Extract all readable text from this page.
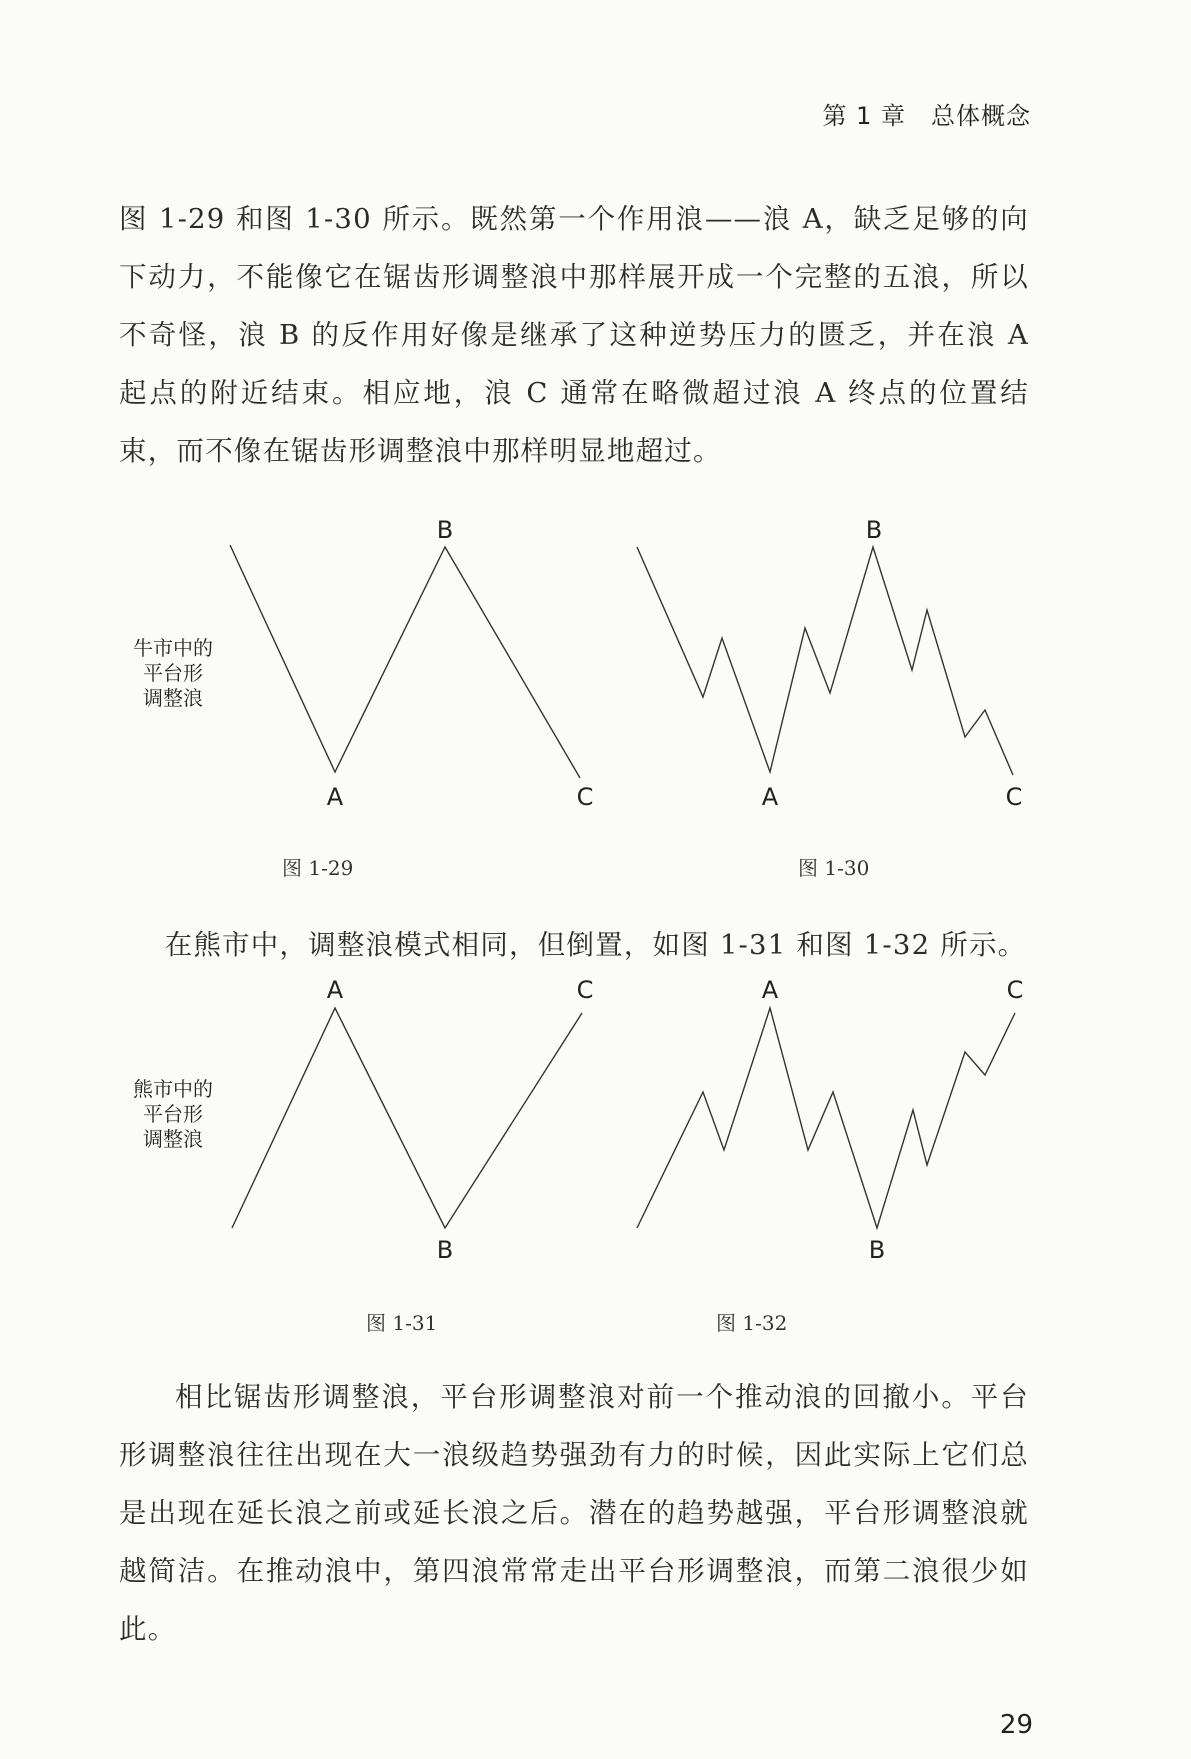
第 1 章　总体概念

图 1-29 和图 1-30 所示。既然第一个作用浪——浪 A，缺乏足够的向下动力，不能像它在锯齿形调整浪中那样展开成一个完整的五浪，所以不奇怪，浪 B 的反作用好像是继承了这种逆势压力的匮乏，并在浪 A 起点的附近结束。相应地，浪 C 通常在略微超过浪 A 终点的位置结束，而不像在锯齿形调整浪中那样明显地超过。

A
B
C
牛市中的
平台形
调整浪
A
B
C
A
B
C
熊市中的
平台形
调整浪
A
B
C
图 1-29	图 1-30

在熊市中，调整浪模式相同，但倒置，如图 1-31 和图 1-32 所示。

图 1-31	图 1-32

相比锯齿形调整浪，平台形调整浪对前一个推动浪的回撤小。平台形调整浪往往出现在大一浪级趋势强劲有力的时候，因此实际上它们总是出现在延长浪之前或延长浪之后。潜在的趋势越强，平台形调整浪就越简洁。在推动浪中，第四浪常常走出平台形调整浪，而第二浪很少如此。

29
